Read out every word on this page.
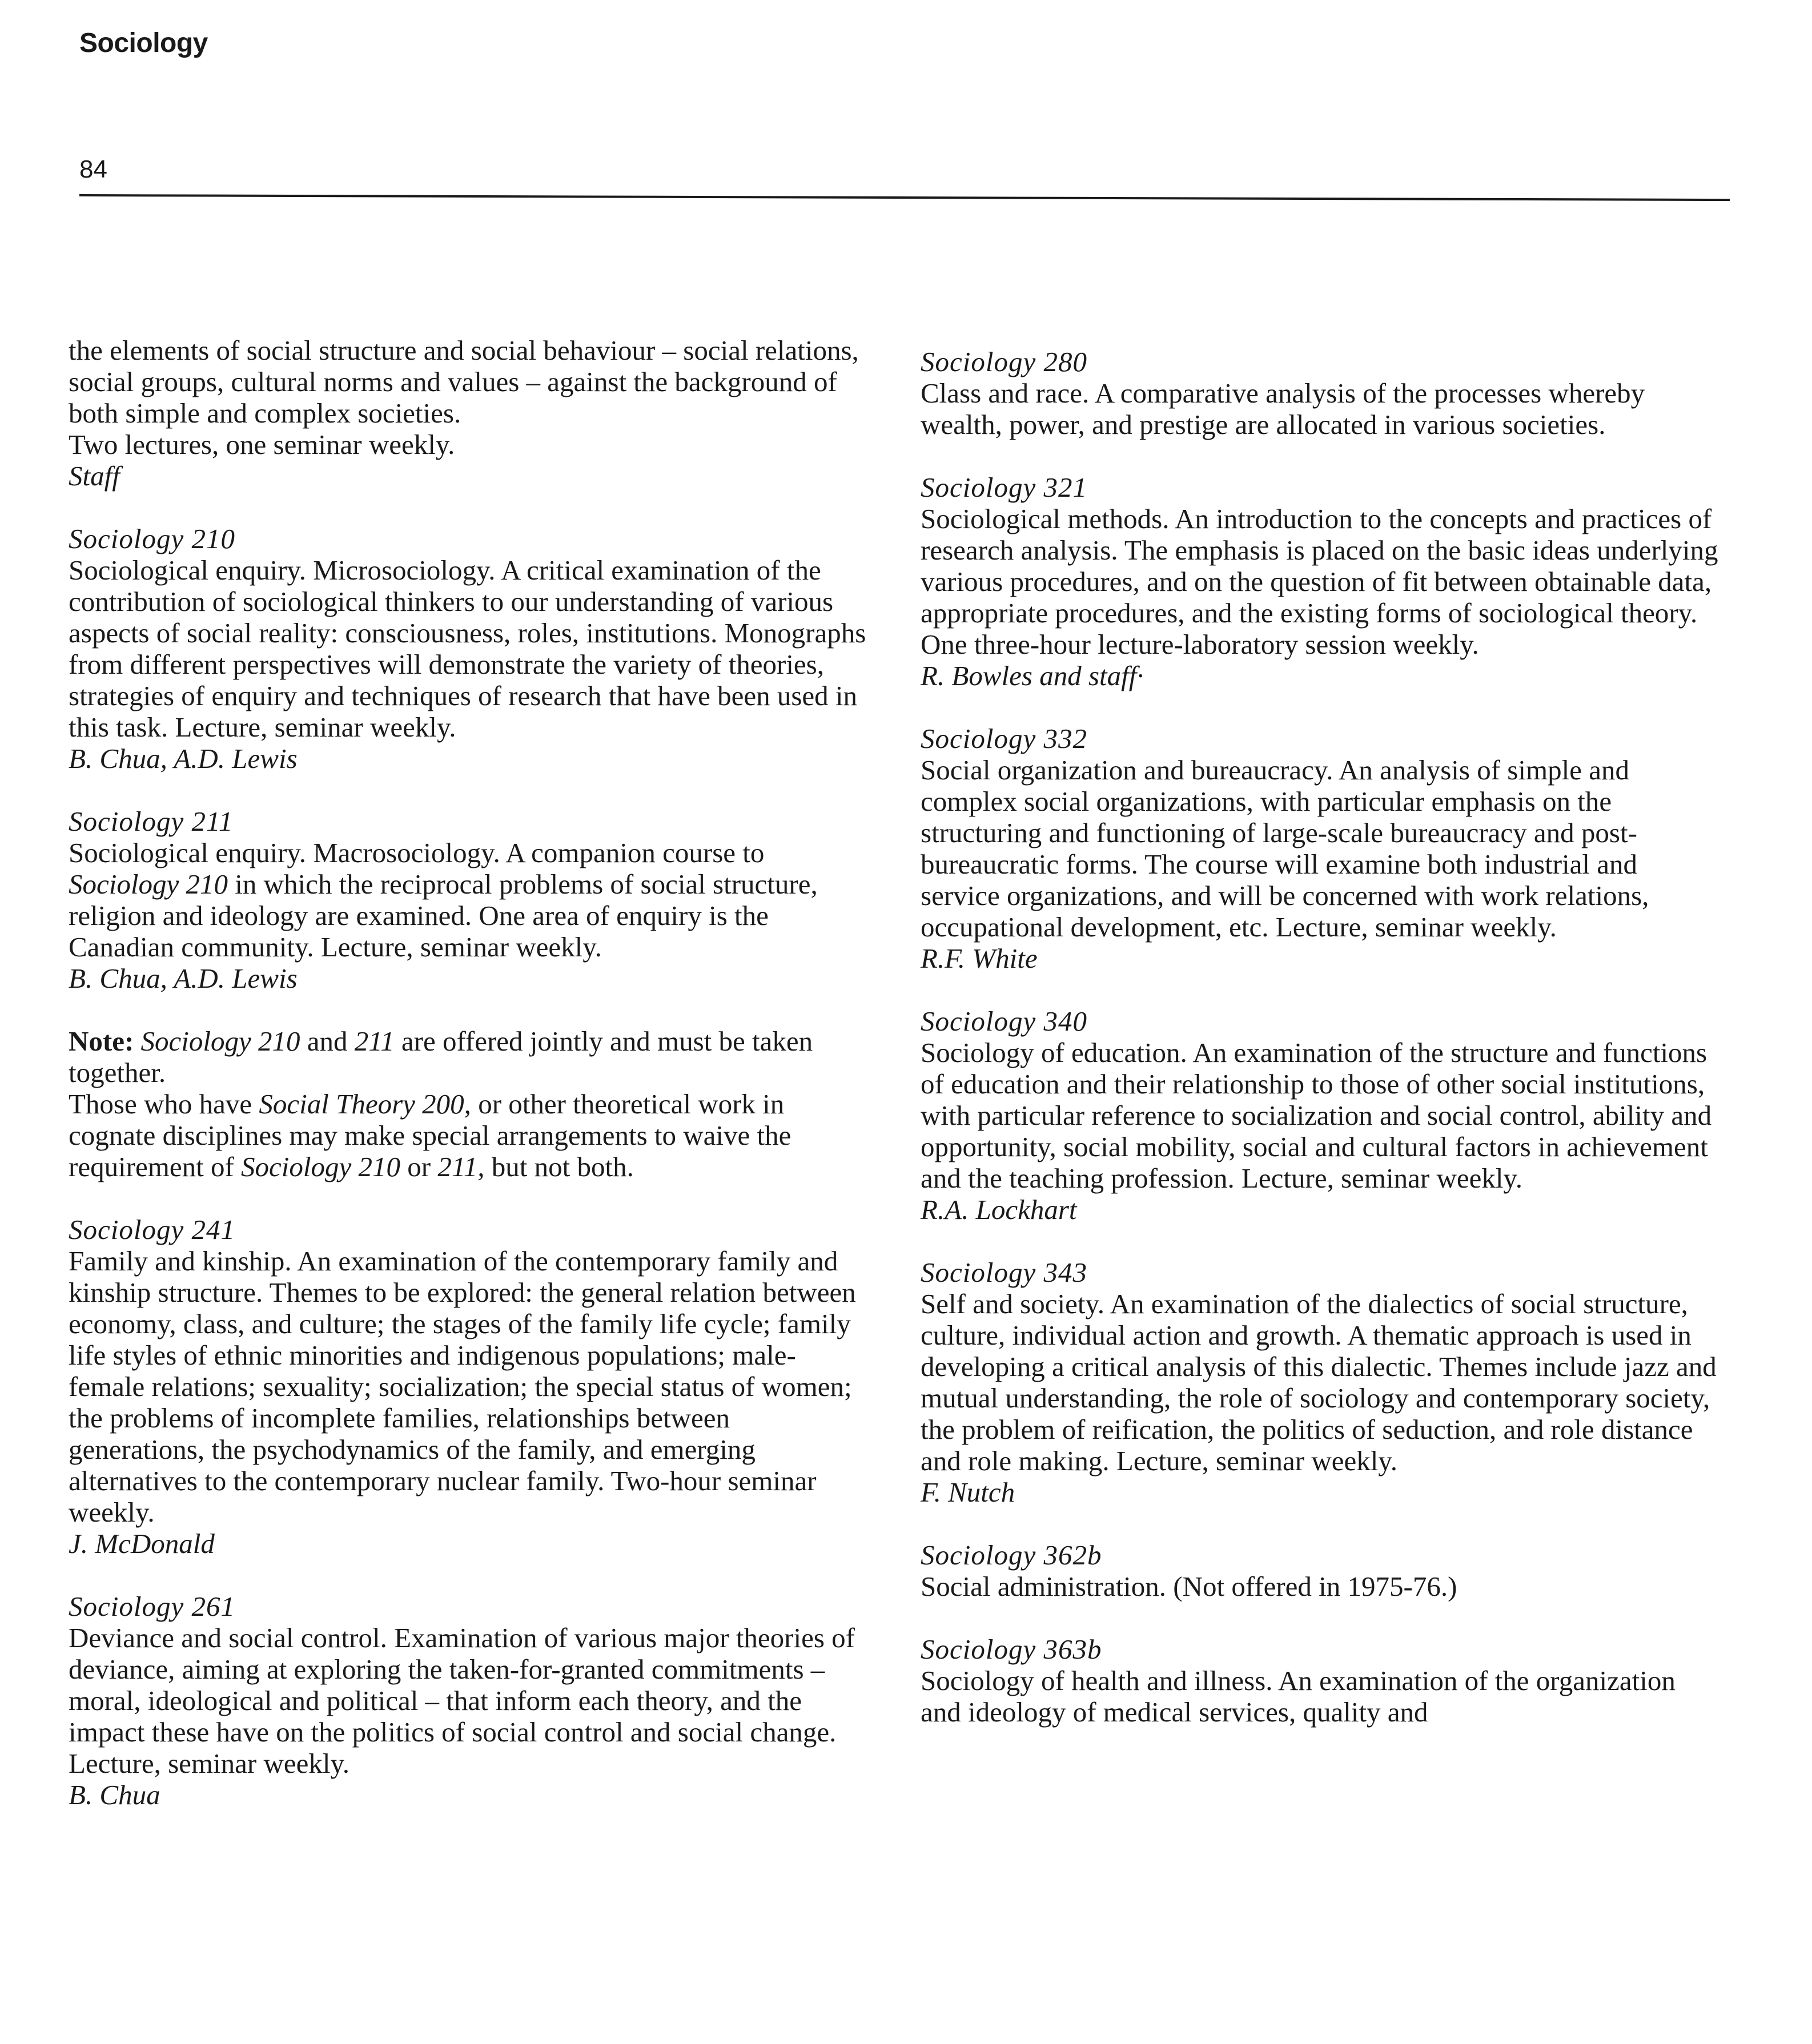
Sociology
84
the elements of social structure and social behaviour – social relations, social groups, cultural norms and values – against the background of both simple and complex societies.
Two lectures, one seminar weekly.
Staff
Sociology 210
Sociological enquiry. Microsociology. A critical examination of the contribution of sociological thinkers to our understanding of various aspects of social reality: consciousness, roles, institutions. Monographs from different perspectives will demonstrate the variety of theories, strategies of enquiry and techniques of research that have been used in this task. Lecture, seminar weekly.
B. Chua, A.D. Lewis
Sociology 211
Sociological enquiry. Macrosociology. A companion course to Sociology 210 in which the reciprocal problems of social structure, religion and ideology are examined. One area of enquiry is the Canadian community. Lecture, seminar weekly.
B. Chua, A.D. Lewis
Note: Sociology 210 and 211 are offered jointly and must be taken together.
Those who have Social Theory 200, or other theoretical work in cognate disciplines may make special arrangements to waive the requirement of Sociology 210 or 211, but not both.
Sociology 241
Family and kinship. An examination of the contemporary family and kinship structure. Themes to be explored: the general relation between economy, class, and culture; the stages of the family life cycle; family life styles of ethnic minorities and indigenous populations; male-female relations; sexuality; socialization; the special status of women; the problems of incomplete families, relationships between generations, the psychodynamics of the family, and emerging alternatives to the contemporary nuclear family. Two-hour seminar weekly.
J. McDonald
Sociology 261
Deviance and social control. Examination of various major theories of deviance, aiming at exploring the taken-for-granted commitments – moral, ideological and political – that inform each theory, and the impact these have on the politics of social control and social change. Lecture, seminar weekly.
B. Chua
Sociology 280
Class and race. A comparative analysis of the processes whereby wealth, power, and prestige are allocated in various societies.
Sociology 321
Sociological methods. An introduction to the concepts and practices of research analysis. The emphasis is placed on the basic ideas underlying various procedures, and on the question of fit between obtainable data, appropriate procedures, and the existing forms of sociological theory. One three-hour lecture-laboratory session weekly.
R. Bowles and staff·
Sociology 332
Social organization and bureaucracy. An analysis of simple and complex social organizations, with particular emphasis on the structuring and functioning of large-scale bureaucracy and post-bureaucratic forms. The course will examine both industrial and service organizations, and will be concerned with work relations, occupational development, etc. Lecture, seminar weekly.
R.F. White
Sociology 340
Sociology of education. An examination of the structure and functions of education and their relationship to those of other social institutions, with particular reference to socialization and social control, ability and opportunity, social mobility, social and cultural factors in achievement and the teaching profession. Lecture, seminar weekly.
R.A. Lockhart
Sociology 343
Self and society. An examination of the dialectics of social structure, culture, individual action and growth. A thematic approach is used in developing a critical analysis of this dialectic. Themes include jazz and mutual understanding, the role of sociology and contemporary society, the problem of reification, the politics of seduction, and role distance and role making. Lecture, seminar weekly.
F. Nutch
Sociology 362b
Social administration. (Not offered in 1975-76.)
Sociology 363b
Sociology of health and illness. An examination of the organization and ideology of medical services, quality and
